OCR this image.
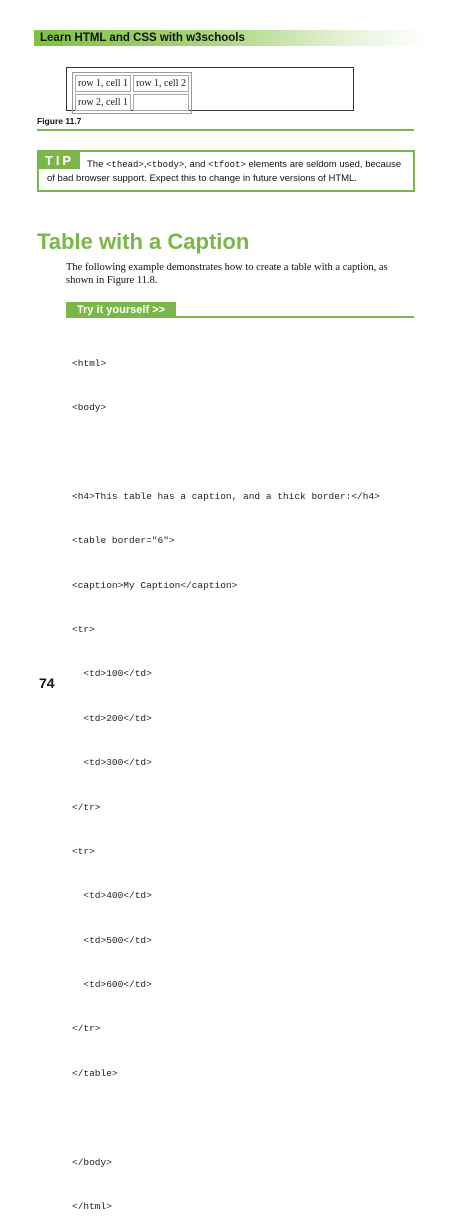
Learn HTML and CSS with w3schools
row 1, cell 1	row 1, cell 2
row 2, cell 1	
Figure 11.7
TIP	The <thead>,<tbody>, and <tfoot> elements are seldom used, because of bad browser support. Expect this to change in future versions of HTML.
Table with a Caption
The following example demonstrates how to create a table with a caption, as shown in Figure 11.8.
Try it yourself >>

<html>

<body>

<h4>This table has a caption, and a thick border:</h4>

<table border="6">

<caption>My Caption</caption>

<tr>

<td>100</td>

<td>200</td>

<td>300</td>

</tr>

<tr>

<td>400</td>

<td>500</td>

<td>600</td>

</tr>

</table>

</body>

</html>

74
